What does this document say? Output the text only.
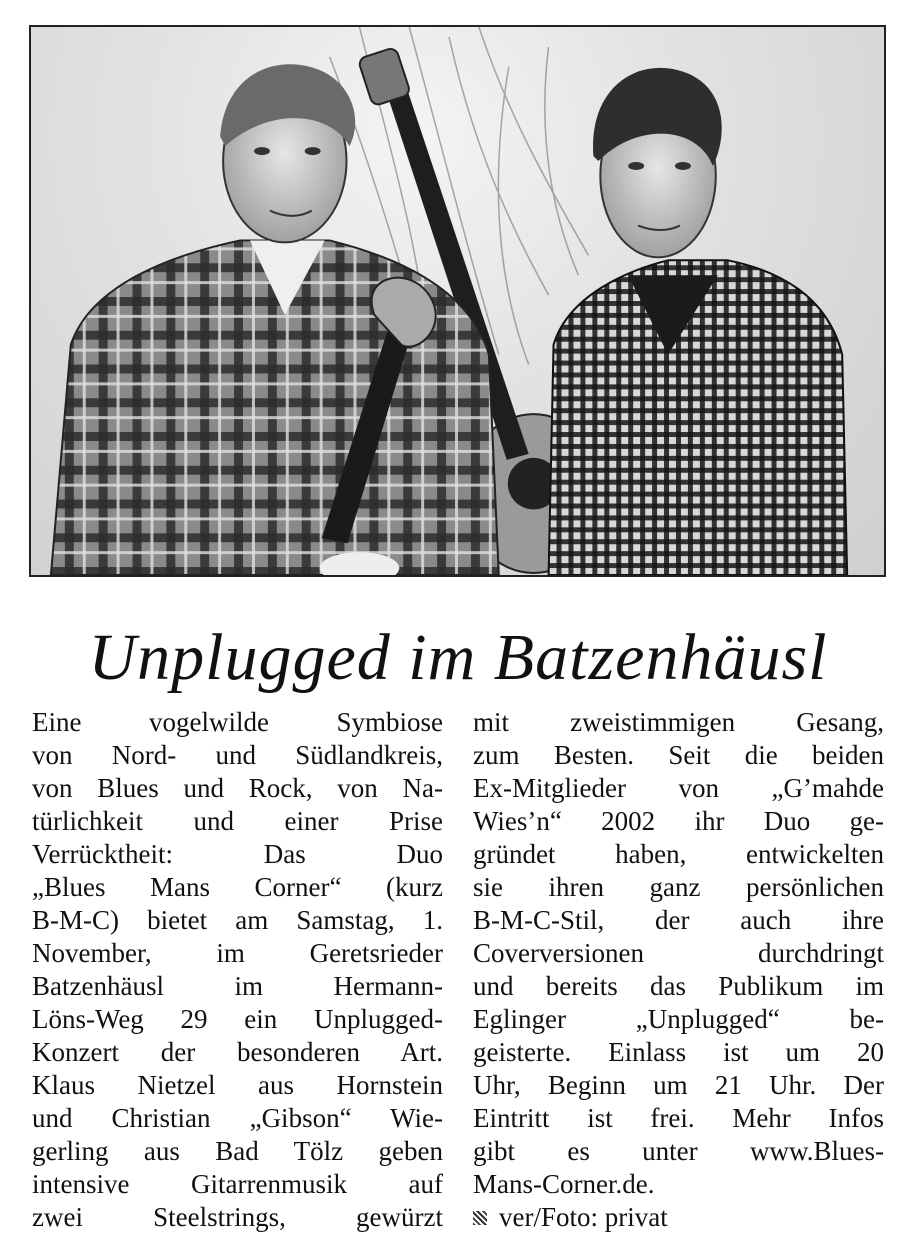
Unplugged im Batzenhäusl
Eine vogelwilde Symbiose
von Nord- und Südlandkreis,
von Blues und Rock, von Na-
türlichkeit und einer Prise
Verrücktheit: Das Duo
„Blues Mans Corner“ (kurz
B-M-C) bietet am Samstag, 1.
November, im Geretsrieder
Batzenhäusl im Hermann-
Löns-Weg 29 ein Unplugged-
Konzert der besonderen Art.
Klaus Nietzel aus Hornstein
und Christian „Gibson“ Wie-
gerling aus Bad Tölz geben
intensive Gitarrenmusik auf
zwei Steelstrings, gewürzt
mit zweistimmigen Gesang,
zum Besten. Seit die beiden
Ex-Mitglieder von „G’mahde
Wies’n“ 2002 ihr Duo ge-
gründet haben, entwickelten
sie ihren ganz persönlichen
B-M-C-Stil, der auch ihre
Coverversionen durchdringt
und bereits das Publikum im
Eglinger „Unplugged“ be-
geisterte. Einlass ist um 20
Uhr, Beginn um 21 Uhr. Der
Eintritt ist frei. Mehr Infos
gibt es unter www.Blues-
Mans-Corner.de.
ver/Foto: privat
